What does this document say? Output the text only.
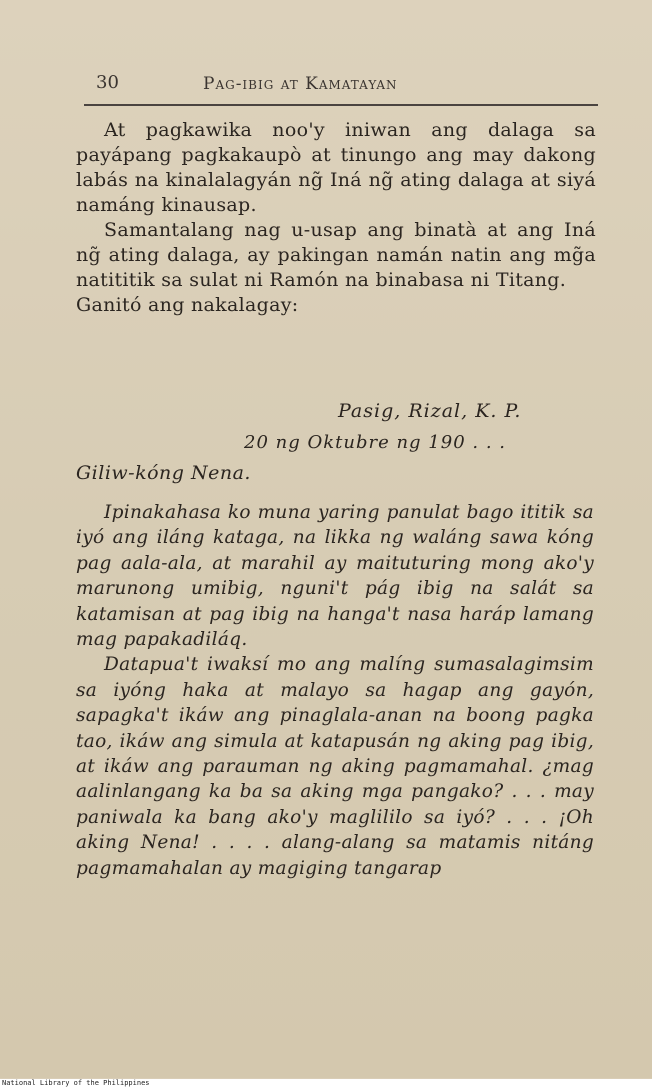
30	Pag-ibig at Kamatayan

At pagkawika noo'y iniwan ang dalaga sa payápang pagkakaupò at tinungo ang may dakong labás na kinalalagyán ng̃ Iná ng̃ ating dalaga at siyá namáng kinausap.

Samantalang nag u-usap ang binatà at ang Iná ng̃ ating dalaga, ay pakingan namán natin ang mg̃a natititik sa sulat ni Ramón na binabasa ni Titang.

Ganitó ang nakalagay:

Pasig, Rizal, K. P.
20 ng Oktubre ng 190 . . .
Giliw-kóng Nena.

Ipinakahasa ko muna yaring panulat bago ititik sa iyó ang iláng kataga, na likka ng waláng sawa kóng pag aala-ala, at marahil ay maituturing mong ako'y marunong umibig, nguni't pág ibig na salát sa katamisan at pag ibig na hanga't nasa haráp lamang mag papakadiláq.

Datapua't iwaksí mo ang malíng sumasalagimsim sa iyóng haka at malayo sa hagap ang gayón, sapagka't ikáw ang pinaglala-anan na boong pagka tao, ikáw ang simula at katapusán ng aking pag ibig, at ikáw ang parauman ng aking pagmamahal. ¿mag aalinlangang ka ba sa aking mga pangako? . . . may paniwala ka bang ako'y maglililo sa iyó? . . . ¡Oh aking Nena! . . . . alang-alang sa matamis nitáng pagmamahalan ay magiging tangarap

National Library of the Philippines
